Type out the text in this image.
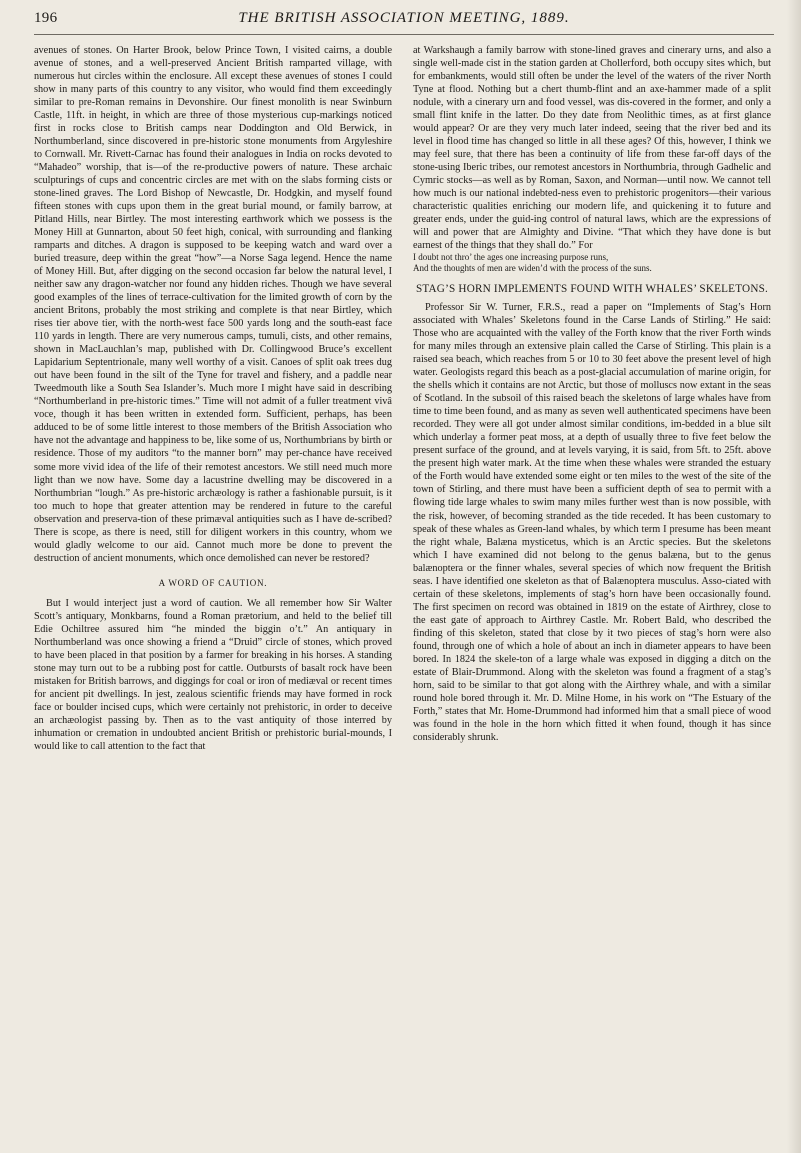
196	THE BRITISH ASSOCIATION MEETING, 1889.

avenues of stones. On Harter Brook, below Prince Town, I visited cairns, a double avenue of stones, and a well-preserved Ancient British ramparted village, with numerous hut circles within the enclosure. All except these avenues of stones I could show in many parts of this country to any visitor, who would find them exceedingly similar to pre-Roman remains in Devonshire. Our finest monolith is near Swinburn Castle, 11ft. in height, in which are three of those mysterious cup-markings noticed first in rocks close to British camps near Doddington and Old Berwick, in Northumberland, since discovered in pre-historic stone monuments from Argyleshire to Cornwall. Mr. Rivett-Carnac has found their analogues in India on rocks devoted to “Mahadeo” worship, that is—of the re-productive powers of nature. These archaic sculpturings of cups and concentric circles are met with on the slabs forming cists or stone-lined graves. The Lord Bishop of Newcastle, Dr. Hodgkin, and myself found fifteen stones with cups upon them in the great burial mound, or family barrow, at Pitland Hills, near Birtley. The most interesting earthwork which we possess is the Money Hill at Gunnarton, about 50 feet high, conical, with surrounding and flanking ramparts and ditches. A dragon is supposed to be keeping watch and ward over a buried treasure, deep within the great “how”—a Norse Saga legend. Hence the name of Money Hill. But, after digging on the second occasion far below the natural level, I neither saw any dragon-watcher nor found any hidden riches. Though we have several good examples of the lines of terrace-cultivation for the limited growth of corn by the ancient Britons, probably the most striking and complete is that near Birtley, which rises tier above tier, with the north-west face 500 yards long and the south-east face 110 yards in length. There are very numerous camps, tumuli, cists, and other remains, shown in MacLauchlan’s map, published with Dr. Collingwood Bruce’s excellent Lapidarium Septentrionale, many well worthy of a visit. Canoes of split oak trees dug out have been found in the silt of the Tyne for travel and fishery, and a paddle near Tweedmouth like a South Sea Islander’s. Much more I might have said in describing “Northumberland in pre-historic times.” Time will not admit of a fuller treatment vivâ voce, though it has been written in extended form. Sufficient, perhaps, has been adduced to be of some little interest to those members of the British Association who have not the advantage and happiness to be, like some of us, Northumbrians by birth or residence. Those of my auditors “to the manner born” may per-chance have received some more vivid idea of the life of their remotest ancestors. We still need much more light than we now have. Some day a lacustrine dwelling may be discovered in a Northumbrian “lough.” As pre-historic archæology is rather a fashionable pursuit, is it too much to hope that greater attention may be rendered in future to the careful observation and preserva-tion of these primæval antiquities such as I have de-scribed? There is scope, as there is need, still for diligent workers in this country, whom we would gladly welcome to our aid. Cannot much more be done to prevent the destruction of ancient monuments, which once demolished can never be restored?

A WORD OF CAUTION.

But I would interject just a word of caution. We all remember how Sir Walter Scott’s antiquary, Monkbarns, found a Roman prætorium, and held to the belief till Edie Ochiltree assured him “he minded the biggin o’t.” An antiquary in Northumberland was once showing a friend a “Druid” circle of stones, which proved to have been placed in that position by a farmer for breaking in his horses. A standing stone may turn out to be a rubbing post for cattle. Outbursts of basalt rock have been mistaken for British barrows, and diggings for coal or iron of mediæval or recent times for ancient pit dwellings. In jest, zealous scientific friends may have formed in rock face or boulder incised cups, which were certainly not prehistoric, in order to deceive an archæologist passing by. Then as to the vast antiquity of those interred by inhumation or cremation in undoubted ancient British or prehistoric burial-mounds, I would like to call attention to the fact that

at Warkshaugh a family barrow with stone-lined graves and cinerary urns, and also a single well-made cist in the station garden at Chollerford, both occupy sites which, but for embankments, would still often be under the level of the waters of the river North Tyne at flood. Nothing but a chert thumb-flint and an axe-hammer made of a split nodule, with a cinerary urn and food vessel, was dis-covered in the former, and only a small flint knife in the latter. Do they date from Neolithic times, as at first glance would appear? Or are they very much later indeed, seeing that the river bed and its level in flood time has changed so little in all these ages? Of this, however, I think we may feel sure, that there has been a continuity of life from these far-off days of the stone-using Iberic tribes, our remotest ancestors in Northumbria, through Gadhelic and Cymric stocks—as well as by Roman, Saxon, and Norman—until now. We cannot tell how much is our national indebted-ness even to prehistoric progenitors—their various characteristic qualities enriching our modern life, and quickening it to future and greater ends, under the guid-ing control of natural laws, which are the expressions of will and power that are Almighty and Divine. “That which they have done is but earnest of the things that they shall do.” For

I doubt not thro’ the ages one increasing purpose runs,
And the thoughts of men are widen’d with the process of the suns.
STAG’S HORN IMPLEMENTS FOUND WITH WHALES’ SKELETONS.

Professor Sir W. Turner, F.R.S., read a paper on “Implements of Stag’s Horn associated with Whales’ Skeletons found in the Carse Lands of Stirling.” He said: Those who are acquainted with the valley of the Forth know that the river Forth winds for many miles through an extensive plain called the Carse of Stirling. This plain is a raised sea beach, which reaches from 5 or 10 to 30 feet above the present level of high water. Geologists regard this beach as a post-glacial accumulation of marine origin, for the shells which it contains are not Arctic, but those of molluscs now extant in the seas of Scotland. In the subsoil of this raised beach the skeletons of large whales have from time to time been found, and as many as seven well authenticated specimens have been recorded. They were all got under almost similar conditions, im-bedded in a blue silt which underlay a former peat moss, at a depth of usually three to five feet below the present surface of the ground, and at levels varying, it is said, from 5ft. to 25ft. above the present high water mark. At the time when these whales were stranded the estuary of the Forth would have extended some eight or ten miles to the west of the site of the town of Stirling, and there must have been a sufficient depth of sea to permit with a flowing tide large whales to swim many miles further west than is now possible, with the risk, however, of becoming stranded as the tide receded. It has been customary to speak of these whales as Green-land whales, by which term I presume has been meant the right whale, Balæna mysticetus, which is an Arctic species. But the skeletons which I have examined did not belong to the genus balæna, but to the genus balænoptera or the finner whales, several species of which now frequent the British seas. I have identified one skeleton as that of Balænoptera musculus. Asso-ciated with certain of these skeletons, implements of stag’s horn have been occasionally found. The first specimen on record was obtained in 1819 on the estate of Airthrey, close to the east gate of approach to Airthrey Castle. Mr. Robert Bald, who described the finding of this skeleton, stated that close by it two pieces of stag’s horn were also found, through one of which a hole of about an inch in diameter appears to have been bored. In 1824 the skele-ton of a large whale was exposed in digging a ditch on the estate of Blair-Drummond. Along with the skeleton was found a fragment of a stag’s horn, said to be similar to that got along with the Airthrey whale, and with a similar round hole bored through it. Mr. D. Milne Home, in his work on “The Estuary of the Forth,” states that Mr. Home-Drummond had informed him that a small piece of wood was found in the hole in the horn which fitted it when found, though it has since considerably shrunk.
